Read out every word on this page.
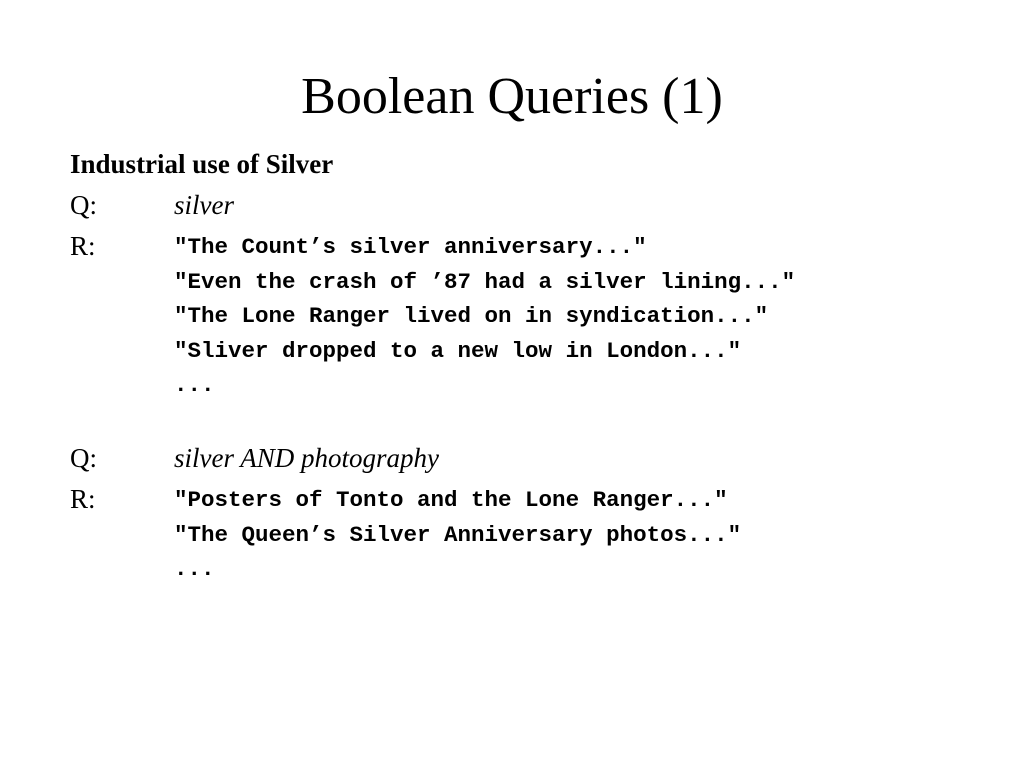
Boolean Queries (1)
Industrial use of Silver
Q:	silver
R:	"The Count’s silver anniversary..."
"Even the crash of ’87 had a silver lining..."
"The Lone Ranger lived on in syndication..."
"Sliver dropped to a new low in London..."
...
Q:	silver AND photography
R:	"Posters of Tonto and the Lone Ranger..."
"The Queen’s Silver Anniversary photos..."
...
